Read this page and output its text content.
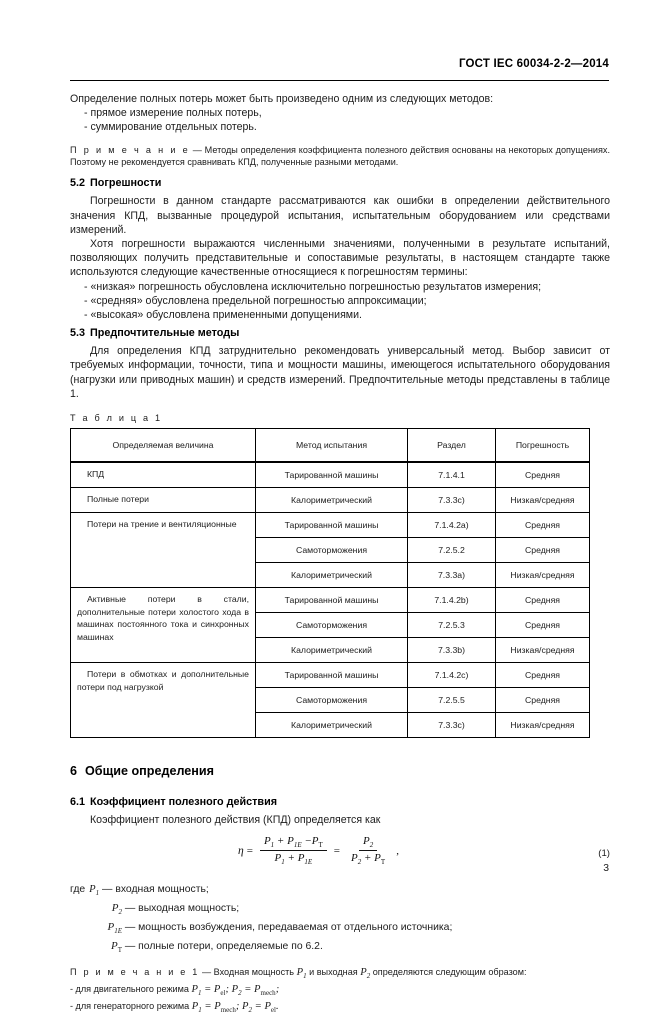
ГОСТ IEC 60034-2-2—2014

Определение полных потерь может быть произведено одним из следующих методов:

- прямое измерение полных потерь,
- суммирование отдельных потерь.

П р и м е ч а н и е — Методы определения коэффициента полезного действия основаны на некоторых допущениях. Поэтому не рекомендуется сравнивать КПД, полученные разными методами.

5.2 Погрешности

Погрешности в данном стандарте рассматриваются как ошибки в определении действительного значения КПД, вызванные процедурой испытания, испытательным оборудованием или средствами измерений.

Хотя погрешности выражаются численными значениями, полученными в результате испытаний, позволяющих получить представительные и сопоставимые результаты, в настоящем стандарте также используются следующие качественные относящиеся к погрешностям термины:

- «низкая» погрешность обусловлена исключительно погрешностью результатов измерения;
- «средняя» обусловлена предельной погрешностью аппроксимации;
- «высокая» обусловлена примененными допущениями.
5.3 Предпочтительные методы

Для определения КПД затруднительно рекомендовать универсальный метод. Выбор зависит от требуемых информации, точности, типа и мощности машины, имеющегося испытательного оборудования (нагрузки или приводных машин) и средств измерений. Предпочтительные методы представлены в таблице 1.

Т а б л и ц а 1
Определяемая величина	Метод испытания	Раздел	Погрешность
КПД	Тарированной машины	7.1.4.1	Средняя
Полные потери	Калориметрический	7.3.3c)	Низкая/средняя
Потери на трение и вентиляционные	Тарированной машины	7.1.4.2a)	Средняя
	Самоторможения	7.2.5.2	Средняя
	Калориметрический	7.3.3a)	Низкая/средняя
Активные потери в стали, дополнительные потери холостого хода в машинах постоянного тока и синхронных машинах	Тарированной машины	7.1.4.2b)	Средняя
	Самоторможения	7.2.5.3	Средняя
	Калориметрический	7.3.3b)	Низкая/средняя
Потери в обмотках и дополнительные потери под нагрузкой	Тарированной машины	7.1.4.2c)	Средняя
	Самоторможения	7.2.5.5	Средняя
	Калориметрический	7.3.3c)	Низкая/средняя
6 Общие определения
6.1 Коэффициент полезного действия

Коэффициент полезного действия (КПД) определяется как

$\eta = \frac{P_1 + P_{1E} -P_T}{P_1 + P_{1E}} = \frac{P_2}{P_2 + P_T}$ ,	(1)
где $P_1$ — входная мощность;
$P_2$ — выходная мощность;
$P_{1E}$ — мощность возбуждения, передаваемая от отдельного источника;
$P_T$ — полные потери, определяемые по 6.2.

П р и м е ч а н и е 1 — Входная мощность $P_1$ и выходная $P_2$ определяются следующим образом:

- для двигательного режима $P_1 = P_{el}$; $P_2 = P_{mech}$;

- для генераторного режима $P_1 = P_{mech}$; $P_2 = P_{el}$.

3
